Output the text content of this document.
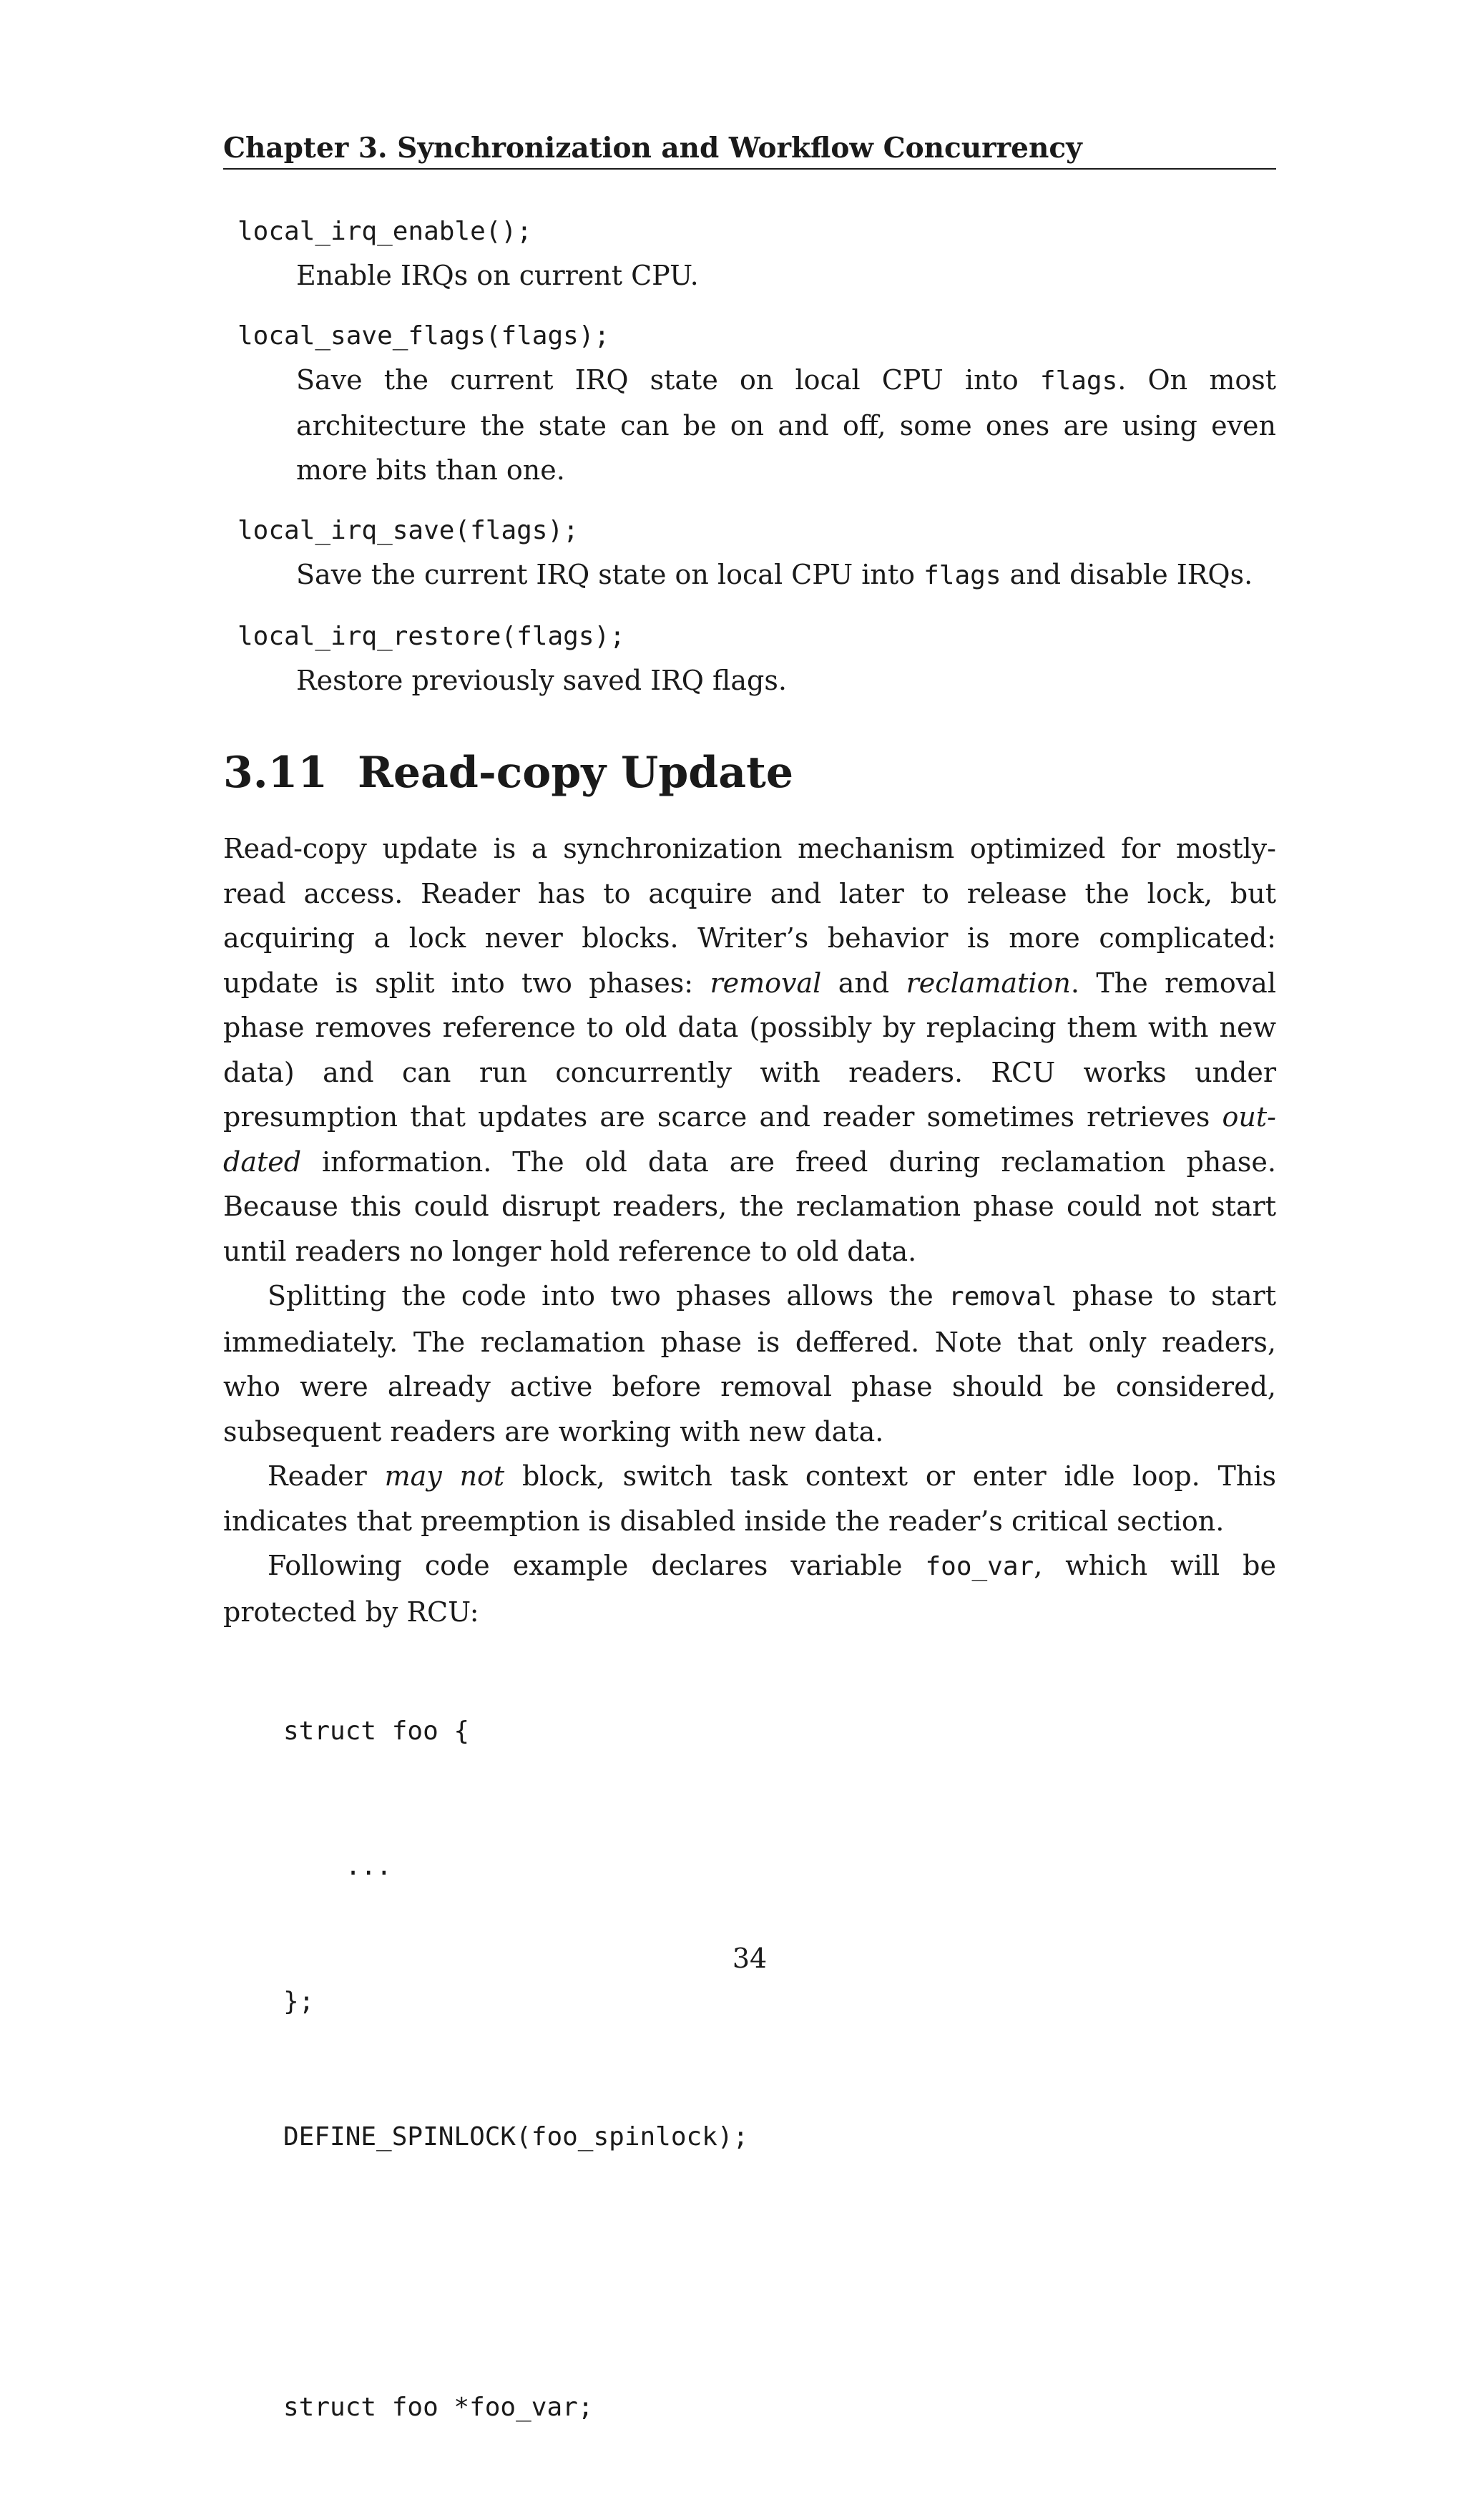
Chapter 3. Synchronization and Workflow Concurrency

local_irq_enable();

Enable IRQs on current CPU.

local_save_flags(flags);

Save the current IRQ state on local CPU into flags. On most architecture the state can be on and off, some ones are using even more bits than one.

local_irq_save(flags);

Save the current IRQ state on local CPU into flags and disable IRQs.

local_irq_restore(flags);

Restore previously saved IRQ flags.

3.11 Read-copy Update

Read-copy update is a synchronization mechanism optimized for mostly-read access. Reader has to acquire and later to release the lock, but acquiring a lock never blocks. Writer’s behavior is more complicated: update is split into two phases: removal and reclamation. The removal phase removes reference to old data (possibly by replacing them with new data) and can run concurrently with readers. RCU works under presumption that updates are scarce and reader sometimes retrieves out-dated information. The old data are freed during reclamation phase. Because this could disrupt readers, the reclamation phase could not start until readers no longer hold reference to old data.

Splitting the code into two phases allows the removal phase to start immediately. The reclamation phase is deffered. Note that only readers, who were already active before removal phase should be considered, subsequent readers are working with new data.

Reader may not block, switch task context or enter idle loop. This indicates that preemption is disabled inside the reader’s critical section.

Following code example declares variable foo_var, which will be protected by RCU:

struct foo {

...

};

DEFINE_SPINLOCK(foo_spinlock);

struct foo *foo_var;

34
